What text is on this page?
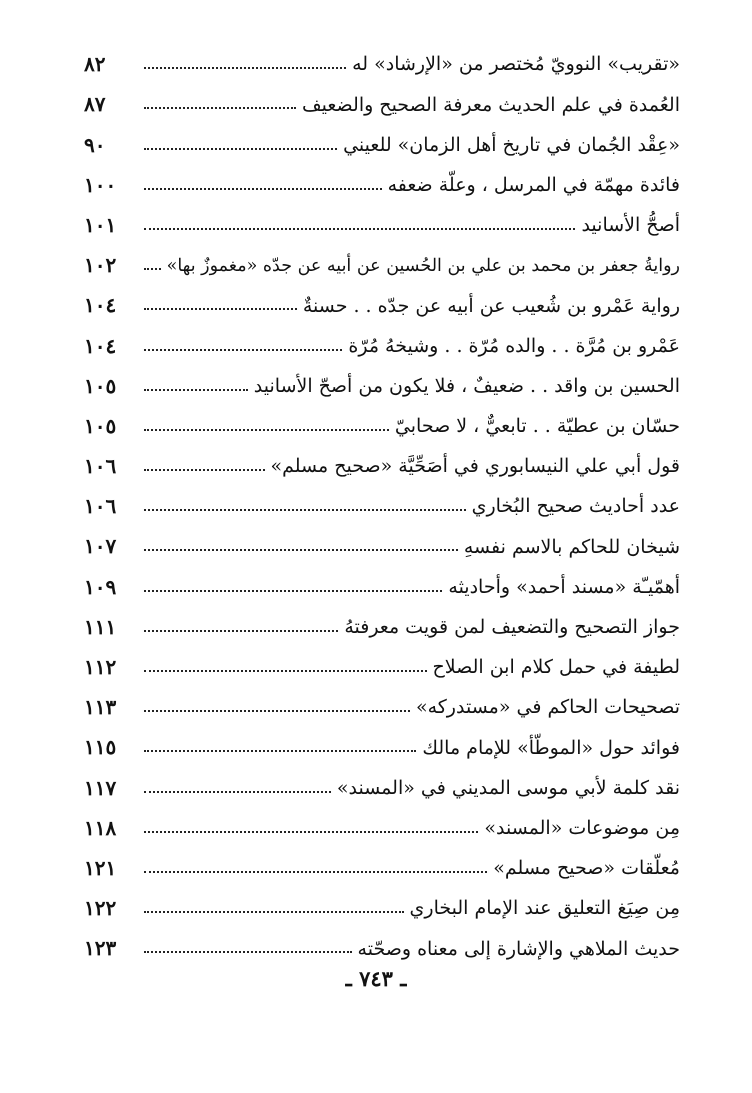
«تقريب» النوويّ مُختصر من «الإرشاد» له
٨٢
العُمدة في علم الحديث معرفة الصحيح والضعيف
٨٧
«عِقْد الجُمان في تاريخ أهل الزمان» للعيني
٩٠
فائدة مهمّة في المرسل ، وعلّة ضعفه
١٠٠
أصحُّ الأسانيد
١٠١
روايةُ جعفر بن محمد بن علي بن الحُسين عن أبيه عن جدّه «مغموزٌ بها»
١٠٢
رواية عَمْرو بن شُعيب عن أبيه عن جدّه . . حسنةٌ
١٠٤
عَمْرو بن مُرَّة . . والده مُرّة . . وشيخهُ مُرّة
١٠٤
الحسين بن واقد . . ضعيفٌ ، فلا يكون من أصحّ الأسانيد
١٠٥
حسّان بن عطيّة . . تابعيٌّ ، لا صحابيّ
١٠٥
قول أبي علي النيسابوري في أصَحِّيَّة «صحيح مسلم»
١٠٦
عدد أحاديث صحيح البُخاري
١٠٦
شيخان للحاكم بالاسم نفسهِ
١٠٧
أهمّيـّة «مسند أحمد» وأحاديثه
١٠٩
جواز التصحيح والتضعيف لمن قويت معرفتهُ
١١١
لطيفة في حمل كلام ابن الصلاح
١١٢
تصحيحات الحاكم في «مستدركه»
١١٣
فوائد حول «الموطّأ» للإمام مالك
١١٥
نقد كلمة لأبي موسى المديني في «المسند»
١١٧
مِن موضوعات «المسند»
١١٨
مُعلّقات «صحيح مسلم»
١٢١
مِن صِيَغ التعليق عند الإمام البخاري
١٢٢
حديث الملاهي والإشارة إلى معناه وصحّته
١٢٣
ـ ٧٤٣ ـ
